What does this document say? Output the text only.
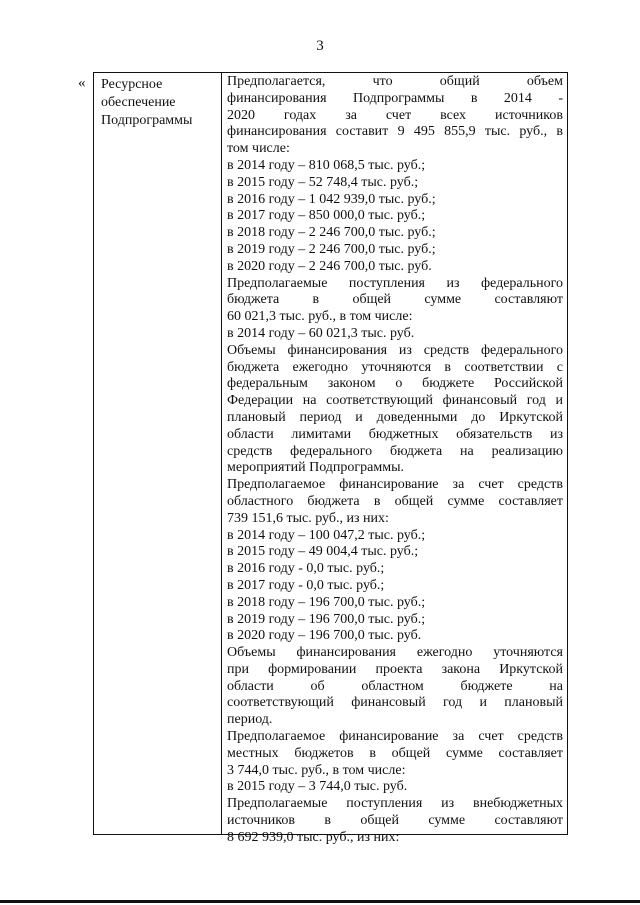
3
« Ресурсное
обеспечение
Подпрограммы
Предполагается, что общий объем
финансирования Подпрограммы в 2014 -
2020 годах за счет всех источников
финансирования составит 9 495 855,9 тыс. руб., в
том числе:
в 2014 году – 810 068,5 тыс. руб.;
в 2015 году – 52 748,4 тыс. руб.;
в 2016 году – 1 042 939,0 тыс. руб.;
в 2017 году – 850 000,0 тыс. руб.;
в 2018 году – 2 246 700,0 тыс. руб.;
в 2019 году – 2 246 700,0 тыс. руб.;
в 2020 году – 2 246 700,0 тыс. руб.
Предполагаемые поступления из федерального
бюджета в общей сумме составляют
60 021,3 тыс. руб., в том числе:
в 2014 году – 60 021,3 тыс. руб.
Объемы финансирования из средств федерального
бюджета ежегодно уточняются в соответствии с
федеральным законом о бюджете Российской
Федерации на соответствующий финансовый год и
плановый период и доведенными до Иркутской
области лимитами бюджетных обязательств из
средств федерального бюджета на реализацию
мероприятий Подпрограммы.
Предполагаемое финансирование за счет средств
областного бюджета в общей сумме составляет
739 151,6 тыс. руб., из них:
в 2014 году – 100 047,2 тыс. руб.;
в 2015 году – 49 004,4 тыс. руб.;
в 2016 году - 0,0 тыс. руб.;
в 2017 году - 0,0 тыс. руб.;
в 2018 году – 196 700,0 тыс. руб.;
в 2019 году – 196 700,0 тыс. руб.;
в 2020 году – 196 700,0 тыс. руб.
Объемы финансирования ежегодно уточняются
при формировании проекта закона Иркутской
области об областном бюджете на
соответствующий финансовый год и плановый
период.
Предполагаемое финансирование за счет средств
местных бюджетов в общей сумме составляет
3 744,0 тыс. руб., в том числе:
в 2015 году – 3 744,0 тыс. руб.
Предполагаемые поступления из внебюджетных
источников в общей сумме составляют
8 692 939,0 тыс. руб., из них:
